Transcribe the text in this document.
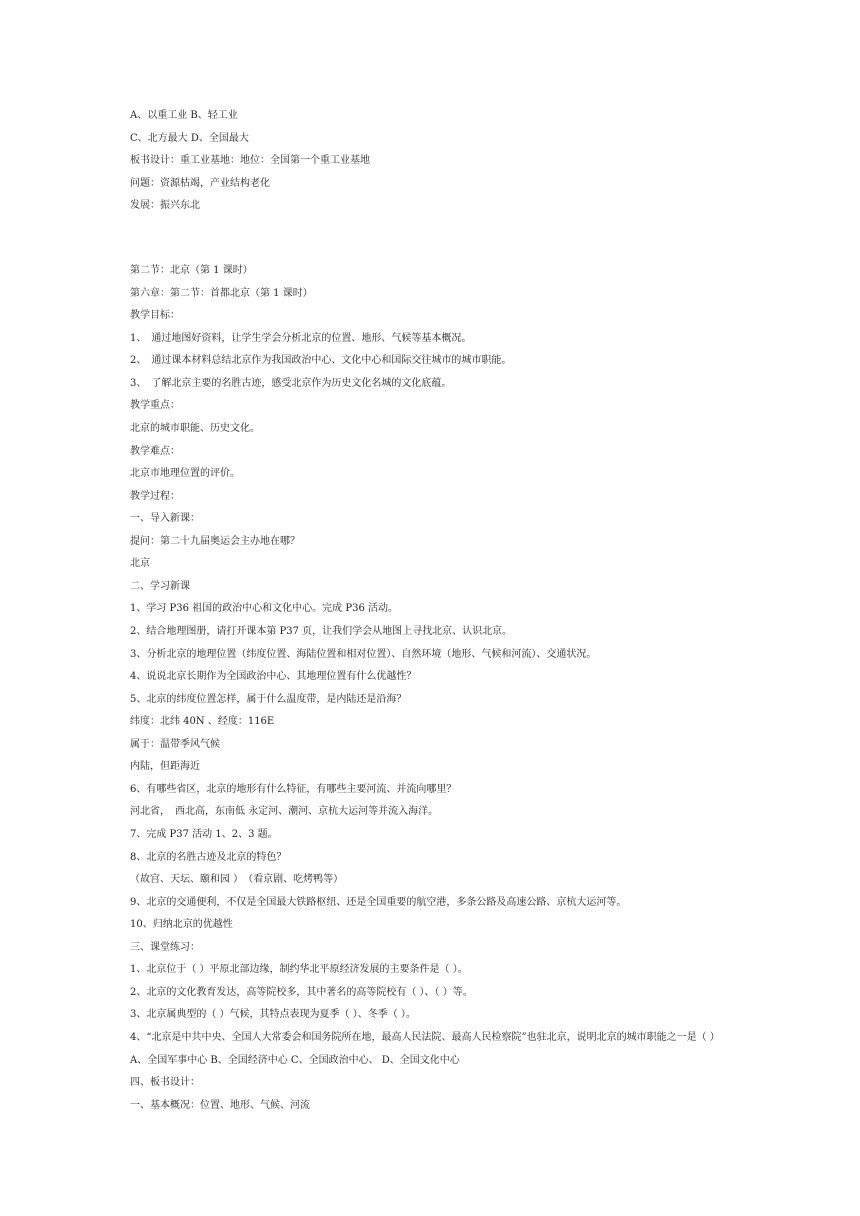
A、以重工业 B、轻工业
C、北方最大 D、全国最大
板书设计：重工业基地：地位：全国第一个重工业基地
问题：资源枯竭，产业结构老化
发展：振兴东北
第二节：北京（第 1 课时）
第六章：第二节：首都北京（第 1 课时）
教学目标：
1、　通过地图好资料，让学生学会分析北京的位置、地形、气候等基本概况。
2、　通过课本材料总结北京作为我国政治中心、文化中心和国际交往城市的城市职能。
3、　了解北京主要的名胜古迹，感受北京作为历史文化名城的文化底蕴。
教学重点：
北京的城市职能、历史文化。
教学难点：
北京市地理位置的评价。
教学过程：
一、导入新课：
提问：第二十九届奥运会主办地在哪？
北京
二、学习新课
1、学习 P36 祖国的政治中心和文化中心。完成 P36 活动。
2、结合地理图册，请打开课本第 P37 页，让我们学会从地图上寻找北京、认识北京。
3、分析北京的地理位置（纬度位置、海陆位置和相对位置）、自然环境（地形、气候和河流）、交通状况。
4、说说北京长期作为全国政治中心、其地理位置有什么优越性？
5、北京的纬度位置怎样，属于什么温度带，是内陆还是沿海？
纬度：北纬 40N 、经度：116E
属于：温带季风气候
内陆，但距海近
6、有哪些省区，北京的地形有什么特征，有哪些主要河流、并流向哪里？
河北省，　西北高，东南低 永定河、潮河、京杭大运河等并流入海洋。
7、完成 P37 活动 1、2、3 题。
8、北京的名胜古迹及北京的特色？
（故宫、天坛、颐和园 ）　（看京剧、吃烤鸭等）
9、北京的交通便利，不仅是全国最大铁路枢纽、还是全国重要的航空港，多条公路及高速公路、京杭大运河等。
10、归纳北京的优越性
三、课堂练习：
1、北京位于（ ）平原北部边缘，制约华北平原经济发展的主要条件是（ ）。
2、北京的文化教育发达，高等院校多，其中著名的高等院校有（ ）、（ ）等。
3、北京属典型的（ ）气候，其特点表现为夏季（ ）、冬季（ ）。
4、“北京是中共中央、全国人大常委会和国务院所在地，最高人民法院、最高人民检察院”也驻北京，说明北京的城市职能之一是（ ）
A、全国军事中心 B、全国经济中心 C、全国政治中心、 D、全国文化中心
四、板书设计：
一、基本概况：位置、地形、气候、河流
